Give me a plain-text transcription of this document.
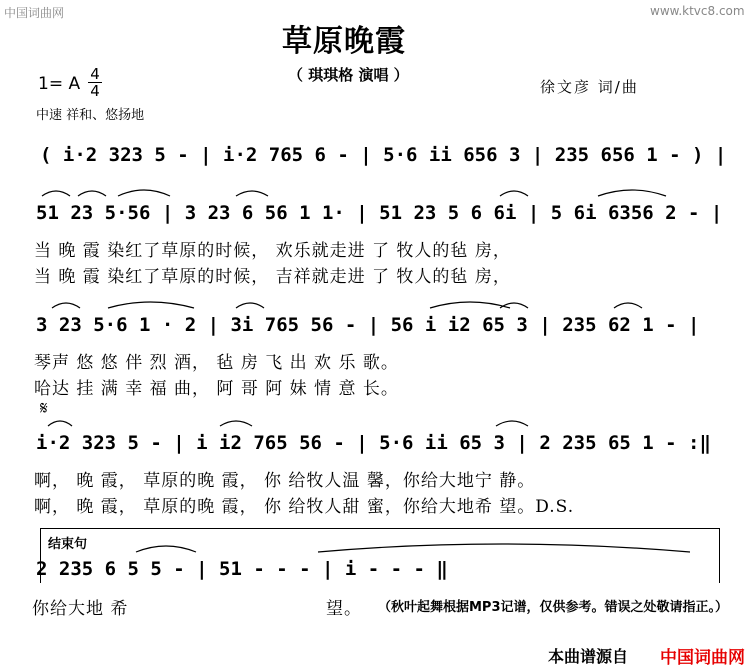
中国词曲网	www.ktvc8.com
草原晚霞
（ 琪琪格 演唱 ）
1= A $\frac{4}{4}$
中速 祥和、悠扬地
徐文彦 词/曲
( i·2 323 5 - | i·2 765 6 - | 5·6 ii 656 3 | 235 656 1 - ) |
51 23 5·56 | 3 23 6 56 1 1· | 51 23 5 6 6i | 5 6i 6356 2 - |
当 晚 霞 染红了草原的时候， 欢乐就走进 了 牧人的毡 房，
当 晚 霞 染红了草原的时候， 吉祥就走进 了 牧人的毡 房，
3 23 5·6 1 · 2 | 3i 765 56 - | 56 i i2 65 3 | 235 62 1 - |
琴声 悠 悠 伴 烈 酒， 毡 房 飞 出 欢 乐 歌。
哈达 挂 满 幸 福 曲， 阿 哥 阿 妹 情 意 长。
𝄋
i·2 323 5 - | i i2 765 56 - | 5·6 ii 65 3 | 2 235 65 1 - :‖
啊， 晚 霞， 草原的晚 霞， 你 给牧人温 馨，你给大地宁 静。
啊， 晚 霞， 草原的晚 霞， 你 给牧人甜 蜜，你给大地希 望。D.S.
结束句
2 235 6 5 5 - | 51 - - - | i - - - ‖
你给大地 希	望。 （秋叶起舞根据MP3记谱，仅供参考。错误之处敬请指正。）
本曲谱源自 中国词曲网
